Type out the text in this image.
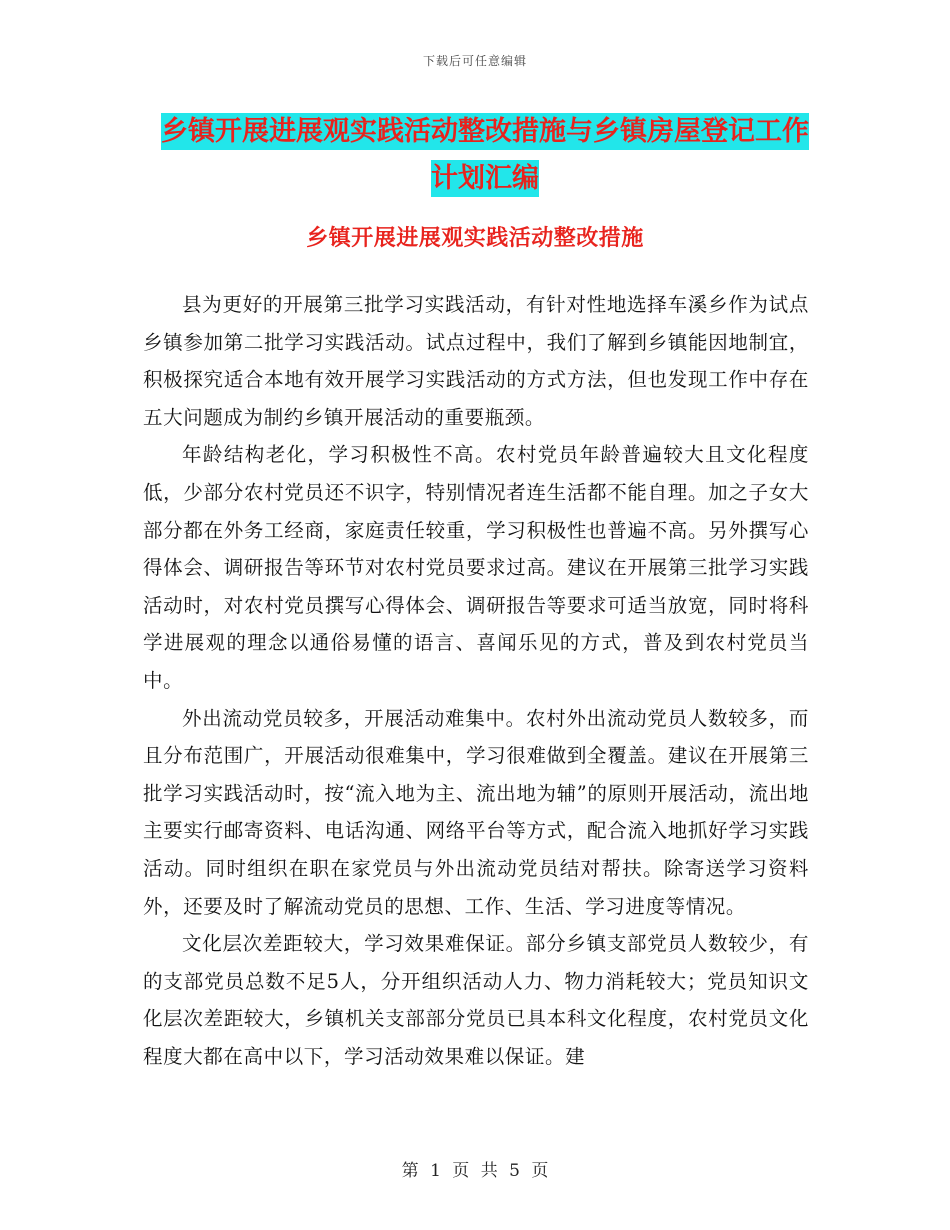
下载后可任意编辑
乡镇开展进展观实践活动整改措施与乡镇房屋登记工作计划汇编
乡镇开展进展观实践活动整改措施

县为更好的开展第三批学习实践活动，有针对性地选择车溪乡作为试点乡镇参加第二批学习实践活动。试点过程中，我们了解到乡镇能因地制宜，积极探究适合本地有效开展学习实践活动的方式方法，但也发现工作中存在五大问题成为制约乡镇开展活动的重要瓶颈。

年龄结构老化，学习积极性不高。农村党员年龄普遍较大且文化程度低，少部分农村党员还不识字，特别情况者连生活都不能自理。加之子女大部分都在外务工经商，家庭责任较重，学习积极性也普遍不高。另外撰写心得体会、调研报告等环节对农村党员要求过高。建议在开展第三批学习实践活动时，对农村党员撰写心得体会、调研报告等要求可适当放宽，同时将科学进展观的理念以通俗易懂的语言、喜闻乐见的方式，普及到农村党员当中。

外出流动党员较多，开展活动难集中。农村外出流动党员人数较多，而且分布范围广，开展活动很难集中，学习很难做到全覆盖。建议在开展第三批学习实践活动时，按“流入地为主、流出地为辅”的原则开展活动，流出地主要实行邮寄资料、电话沟通、网络平台等方式，配合流入地抓好学习实践活动。同时组织在职在家党员与外出流动党员结对帮扶。除寄送学习资料外，还要及时了解流动党员的思想、工作、生活、学习进度等情况。

文化层次差距较大，学习效果难保证。部分乡镇支部党员人数较少，有的支部党员总数不足5人，分开组织活动人力、物力消耗较大；党员知识文化层次差距较大，乡镇机关支部部分党员已具本科文化程度，农村党员文化程度大都在高中以下，学习活动效果难以保证。建

第 1 页 共 5 页
